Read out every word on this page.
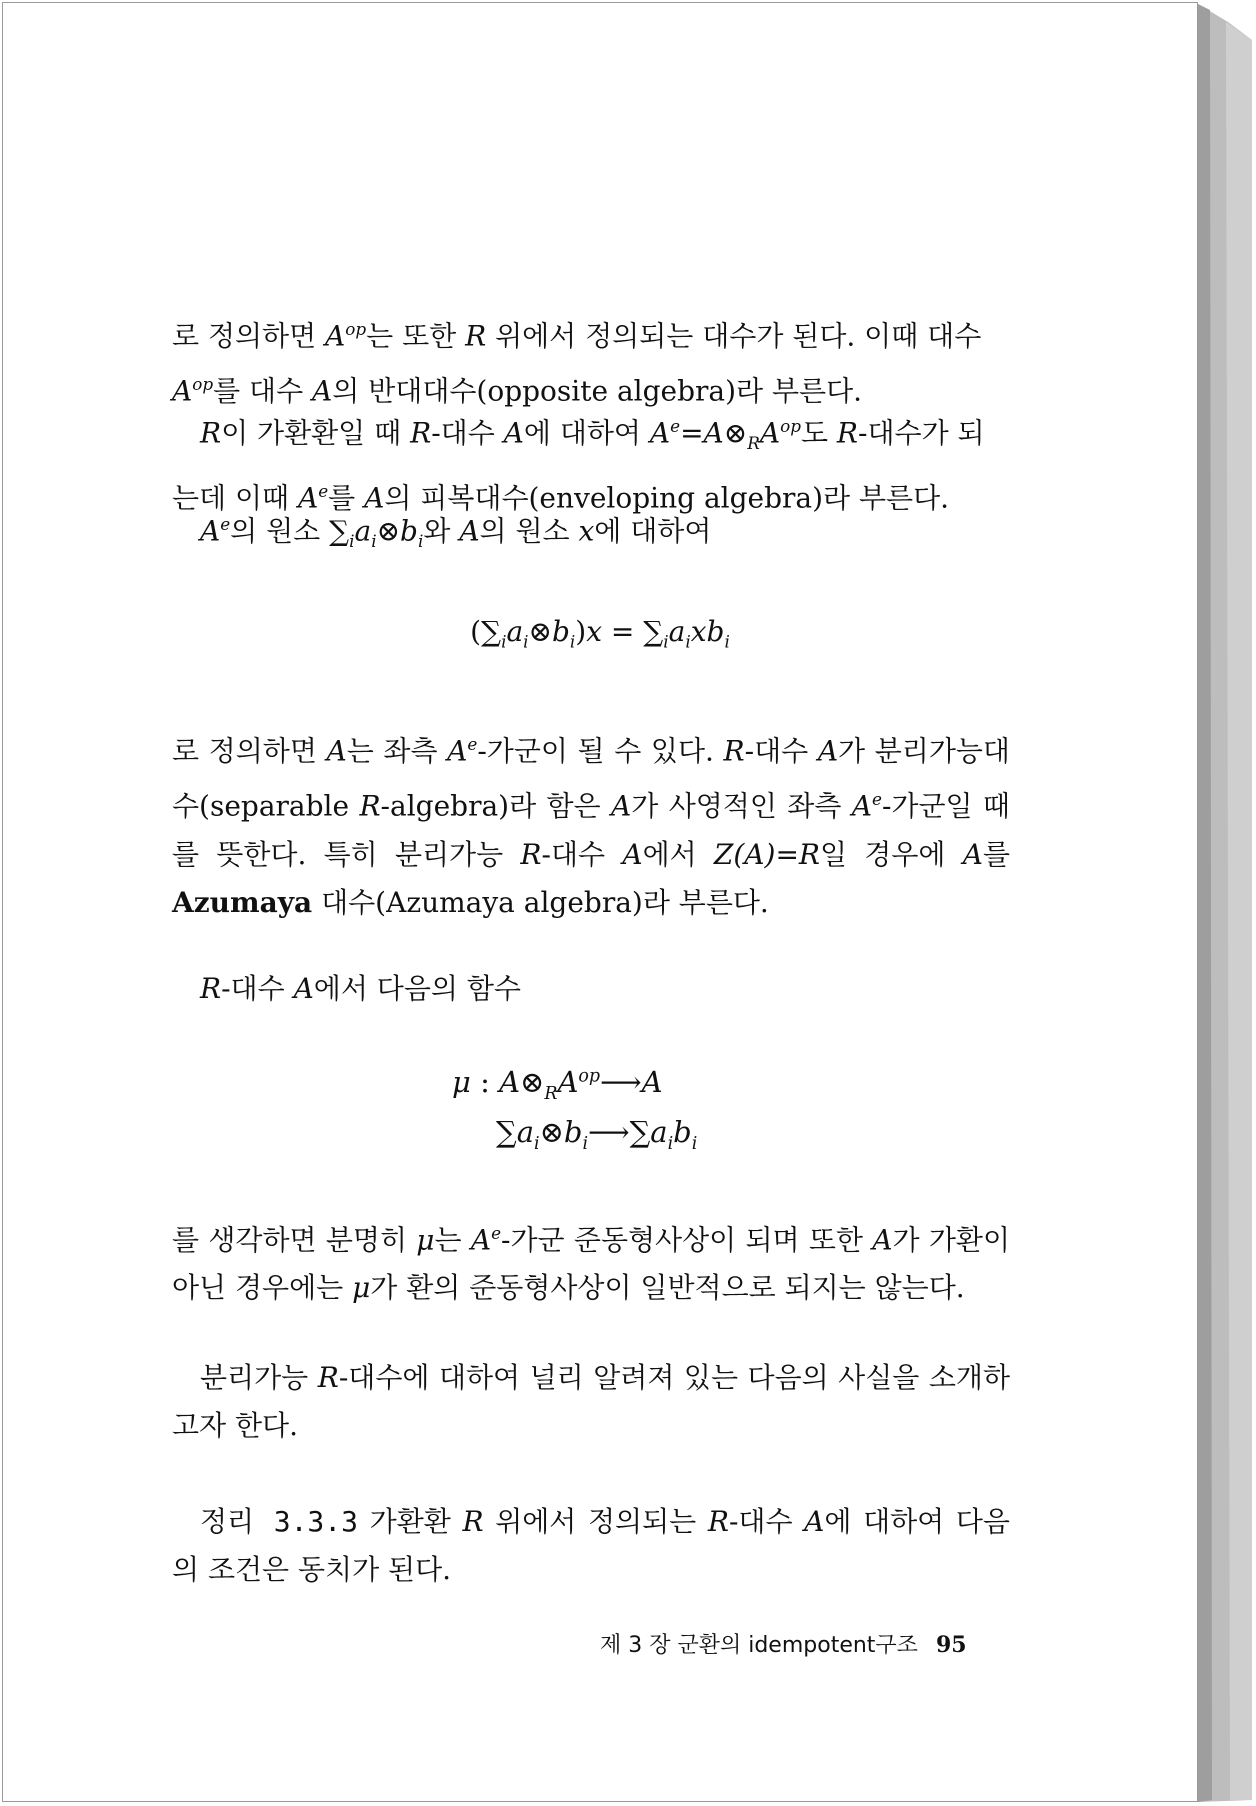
로 정의하면 $A^{op}$는 또한 R 위에서 정의되는 대수가 된다. 이때 대수 $A^{op}$를 대수 A의 반대대수(opposite algebra)라 부른다.
R이 가환환일 때 R-대수 A에 대하여 $A^e=A\otimes_RA^{op}$도 R-대수가 되는데 이때 $A^e$를 A의 피복대수(enveloping algebra)라 부른다.
$A^e$의 원소 $\sum_ia_i\otimes b_i$와 A의 원소 x에 대하여
$(\sum_ia_i\otimes b_i)x = \sum_ia_ixb_i$
로 정의하면 A는 좌측 $A^e-$가군이 될 수 있다. R-대수 A가 분리가능대수(separable R-algebra)라 함은 A가 사영적인 좌측 $A^e-$가군일 때를 뜻한다. 특히 분리가능 R-대수 A에서 Z(A)=R일 경우에 A를 Azumaya 대수(Azumaya algebra)라 부른다.
R-대수 A에서 다음의 함수
μ : $A\otimes_RA^{op}⟶A$
$\sum a_i\otimes b_i⟶\sum a_ib_i$
를 생각하면 분명히 μ는 $A^e-$가군 준동형사상이 되며 또한 A가 가환이 아닌 경우에는 μ가 환의 준동형사상이 일반적으로 되지는 않는다.
분리가능 R-대수에 대하여 널리 알려져 있는 다음의 사실을 소개하고자 한다.
정리 3.3.3 가환환 R 위에서 정의되는 R-대수 A에 대하여 다음의 조건은 동치가 된다.
제 3 장 군환의 idempotent구조 95
